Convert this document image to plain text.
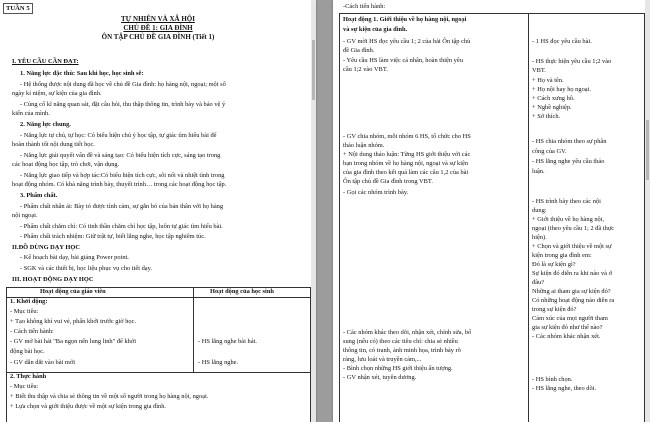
TUẦN 5
TỰ NHIÊN VÀ XÃ HỘI
CHỦ ĐỀ 1: GIA ĐÌNH
ÔN TẬP CHỦ ĐỀ GIA ĐÌNH (Tiết 1)
I. YÊU CẦU CẦN ĐẠT:
1. Năng lực đặc thù: Sau khi học, học sinh sẽ:
- Hệ thống được nội dung đã học về chủ đề Gia đình: họ hàng nội, ngoại; một số
ngày kỉ niệm, sự kiện của gia đình.
- Củng cố kĩ năng quan sát, đặt câu hỏi, thu thập thông tin, trình bày và bảo vệ ý
kiến của mình.
2. Năng lực chung.
- Năng lực tự chủ, tự học: Có biểu hiện chú ý học tập, tự giác tìm hiểu bài để
hoàn thành tốt nội dung tiết học.
- Năng lực giải quyết vấn đề và sáng tạo: Có biểu hiện tích cực, sáng tạo trong
các hoạt động học tập, trò chơi, vận dụng.
- Năng lực giao tiếp và hợp tác:Có biểu hiện tích cực, sôi nổi và nhiệt tình trong
hoạt động nhóm. Có khả năng trình bày, thuyết trình… trong các hoạt động học tập.
3. Phẩm chất.
- Phẩm chất nhân ái: Bày tỏ được tình cảm, sự gắn bó của bản thân với họ hàng
nội ngoại.
- Phẩm chất chăm chỉ: Có tinh thần chăm chỉ học tập, luôn tự giác tìm hiểu bài.
- Phẩm chất trách nhiệm: Giữ trật tự, biết lắng nghe, học tập nghiêm túc.
II.ĐỒ DÙNG DẠY HỌC
- Kế hoạch bài dạy, bài giảng Power point.
- SGK và các thiết bị, học liệu phục vụ cho tiết dạy.
III. HOẠT ĐỘNG DẠY HỌC
Hoạt động của giáo viên	Hoạt động của học sinh
1. Khởi động:
- Mục tiêu:
+ Tạo không khí vui vẻ, phấn khởi trước giờ học.
- Cách tiến hành:
- GV mở bài hát "Ba ngọn nến lung linh" để khởi
động bài học.
- GV dẫn dắt vào bài mới
- HS lắng nghe bài hát.
- HS lắng nghe.
2. Thực hành
- Mục tiêu:
+ Biết thu thập và chia sẻ thông tin về một số người trong họ hàng nội, ngoại.
+ Lựa chọn và giới thiệu được về một sự kiện trong gia đình.
-Cách tiến hành:
Hoạt động 1. Giới thiệu về họ hàng nội, ngoại
và sự kiện của gia đình.
- GV mời HS đọc yêu cầu 1; 2 của bài Ôn tập chủ
đề Gia đình.
- Yêu cầu HS làm việc cá nhân, hoàn thiện yêu
cầu 1;2 vào VBT.
- GV chia nhóm, mỗi nhóm 6 HS, tổ chức cho HS
thảo luận nhóm.
+ Nội dung thảo luận: Từng HS giới thiệu với các
bạn trong nhóm về họ hàng nội, ngoại và sự kiện
của gia đình theo kết quả làm các câu 1,2 của bài
Ôn tập chủ đề Gia đình trong VBT.
- Gọi các nhóm trình bày.
- Các nhóm khác theo dõi, nhận xét, chỉnh sửa, bổ
sung (nếu có) theo các tiêu chí: chia sẻ nhiều
thông tin, có tranh, ảnh minh họa, trình bày rõ
ràng, lưu loát và truyền cảm,...
- Bình chọn những HS giới thiệu ấn tượng.
- GV nhận xét, tuyên dương.
- 1 HS đọc yêu cầu bài.
- HS thực hiện yêu cầu 1;2 vào
VBT.
+ Họ và tên.
+ Họ nội hay họ ngoại.
+ Cách xưng hô.
+ Nghề nghiệp.
+ Sở thích.
- HS chia nhóm theo sự phân
công của GV.
- HS lắng nghe yêu cầu thảo
luận.
- HS trình bày theo các nội
dung:
+ Giới thiệu về họ hàng nội,
ngoại (theo yêu cầu 1; 2 đã thực
hiện).
+ Chọn và giới thiệu về một sự
kiện trong gia đình em:
Đó là sự kiện gì?
Sự kiện đó diễn ra khi nào và ở
đâu?
Những ai tham gia sự kiện đó?
Có những hoạt động nào diễn ra
trong sự kiện đó?
Cảm xúc của mọi người tham
gia sự kiện đó như thế nào?
- Các nhóm khác nhận xét.
- HS bình chọn.
- HS lắng nghe, theo dõi.
